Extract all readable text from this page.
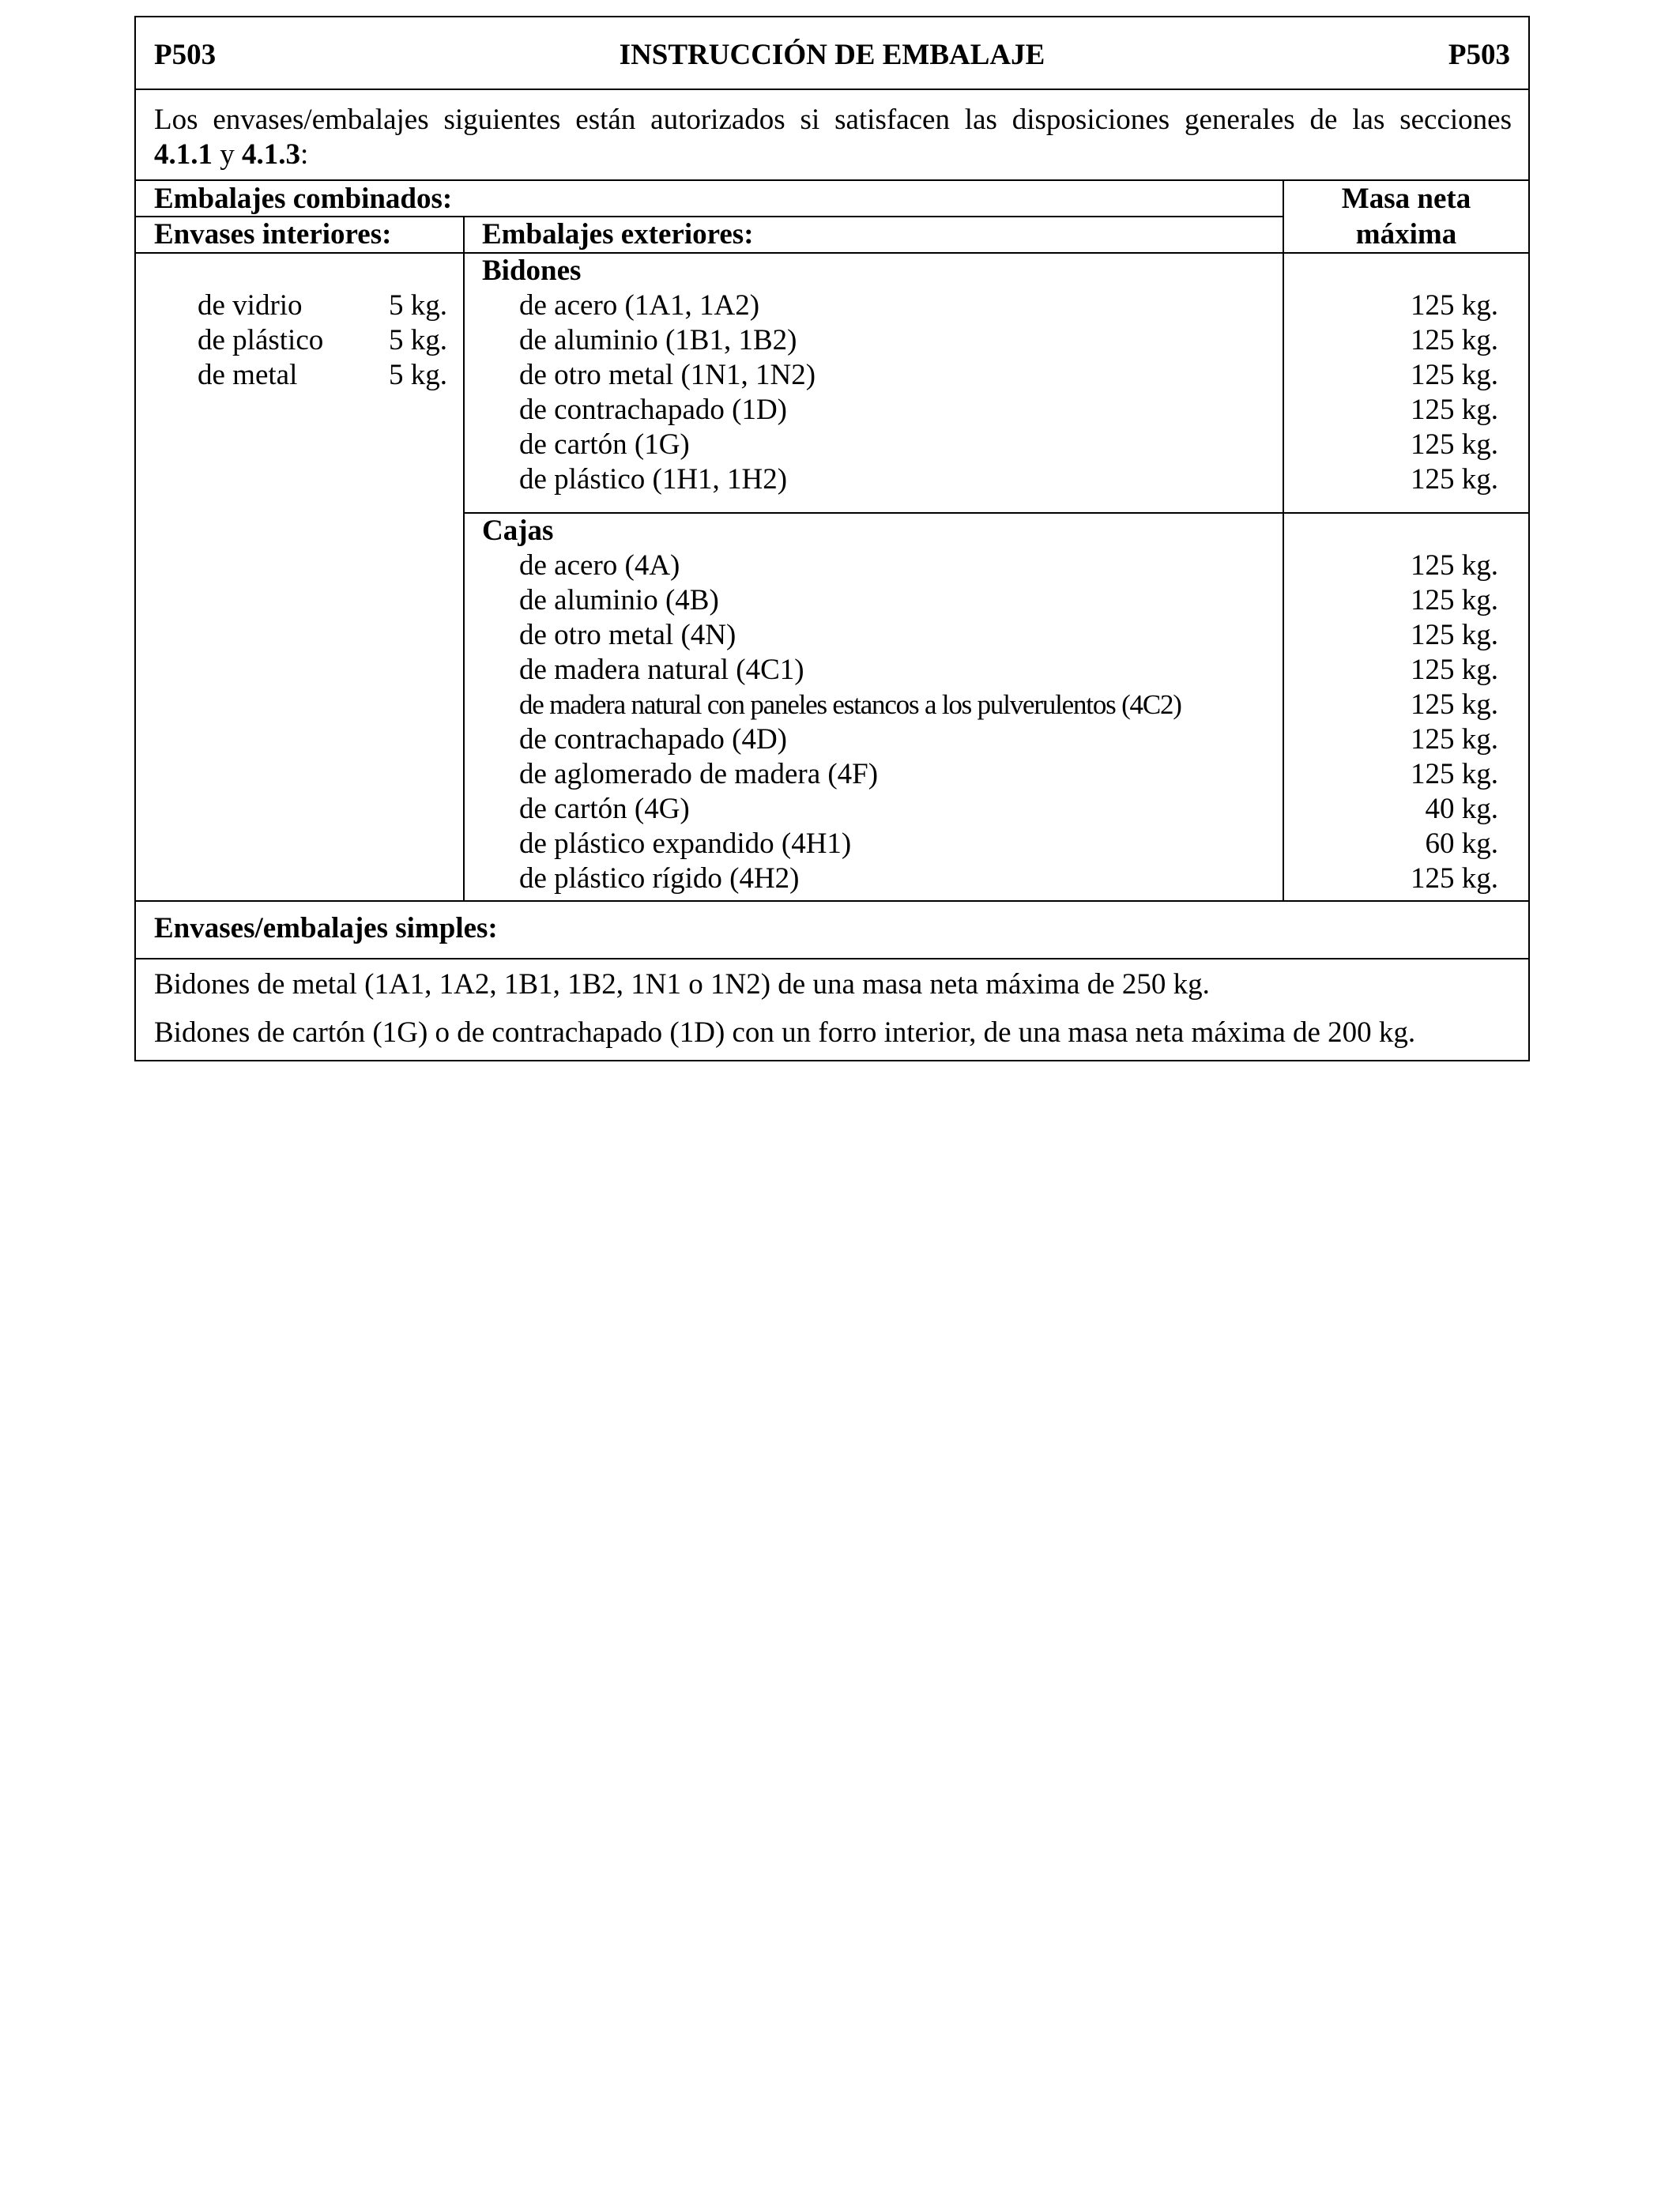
P503	INSTRUCCIÓN DE EMBALAJE	P503
Los envases/embalajes siguientes están autorizados si satisfacen las disposiciones generales de las secciones
4.1.1 y 4.1.3:
Embalajes combinados:	Masa neta
máxima
Envases interiores:	Embalajes exteriores:
de vidrio	5 kg.
de plástico	5 kg.
de metal	5 kg.
Bidones
de acero (1A1, 1A2)	125 kg.
de aluminio (1B1, 1B2)	125 kg.
de otro metal (1N1, 1N2)	125 kg.
de contrachapado (1D)	125 kg.
de cartón (1G)	125 kg.
de plástico (1H1, 1H2)	125 kg.
Cajas
de acero (4A)	125 kg.
de aluminio (4B)	125 kg.
de otro metal (4N)	125 kg.
de madera natural (4C1)	125 kg.
de madera natural con paneles estancos a los pulverulentos (4C2)	125 kg.
de contrachapado (4D)	125 kg.
de aglomerado de madera (4F)	125 kg.
de cartón (4G)	40 kg.
de plástico expandido (4H1)	60 kg.
de plástico rígido (4H2)	125 kg.
Envases/embalajes simples:
Bidones de metal (1A1, 1A2, 1B1, 1B2, 1N1 o 1N2) de una masa neta máxima de 250 kg.
Bidones de cartón (1G) o de contrachapado (1D) con un forro interior, de una masa neta máxima de 200 kg.
